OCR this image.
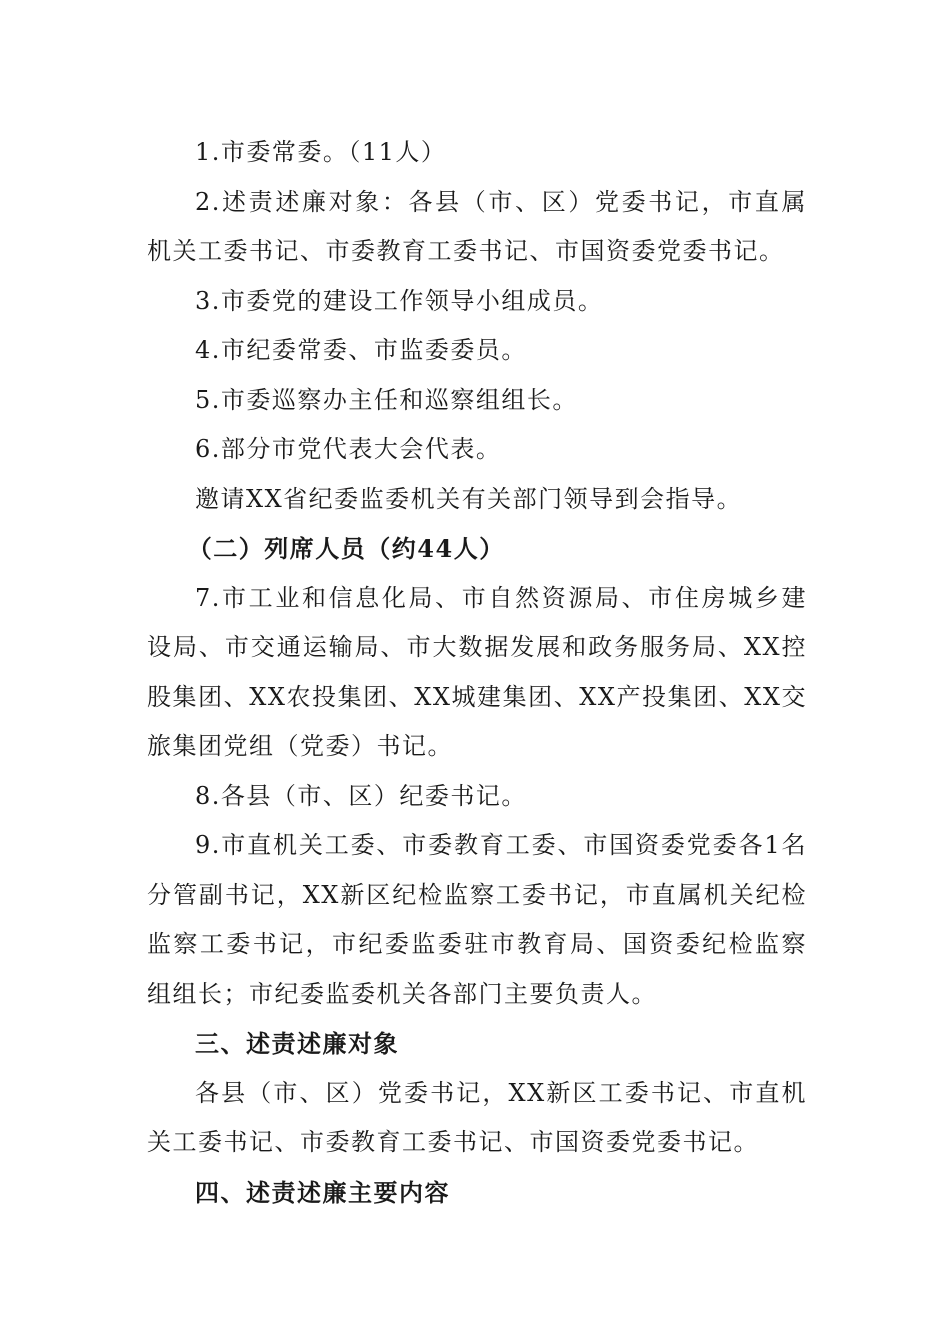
1.市委常委。（11人）

2.述责述廉对象：各县（市、区）党委书记，市直属机关工委书记、市委教育工委书记、市国资委党委书记。

3.市委党的建设工作领导小组成员。

4.市纪委常委、市监委委员。

5.市委巡察办主任和巡察组组长。

6.部分市党代表大会代表。

邀请XX省纪委监委机关有关部门领导到会指导。

（二）列席人员（约44人）

7.市工业和信息化局、市自然资源局、市住房城乡建设局、市交通运输局、市大数据发展和政务服务局、XX控股集团、XX农投集团、XX城建集团、XX产投集团、XX交旅集团党组（党委）书记。

8.各县（市、区）纪委书记。

9.市直机关工委、市委教育工委、市国资委党委各1名分管副书记，XX新区纪检监察工委书记，市直属机关纪检监察工委书记，市纪委监委驻市教育局、国资委纪检监察组组长；市纪委监委机关各部门主要负责人。

三、述责述廉对象

各县（市、区）党委书记，XX新区工委书记、市直机关工委书记、市委教育工委书记、市国资委党委书记。

四、述责述廉主要内容
